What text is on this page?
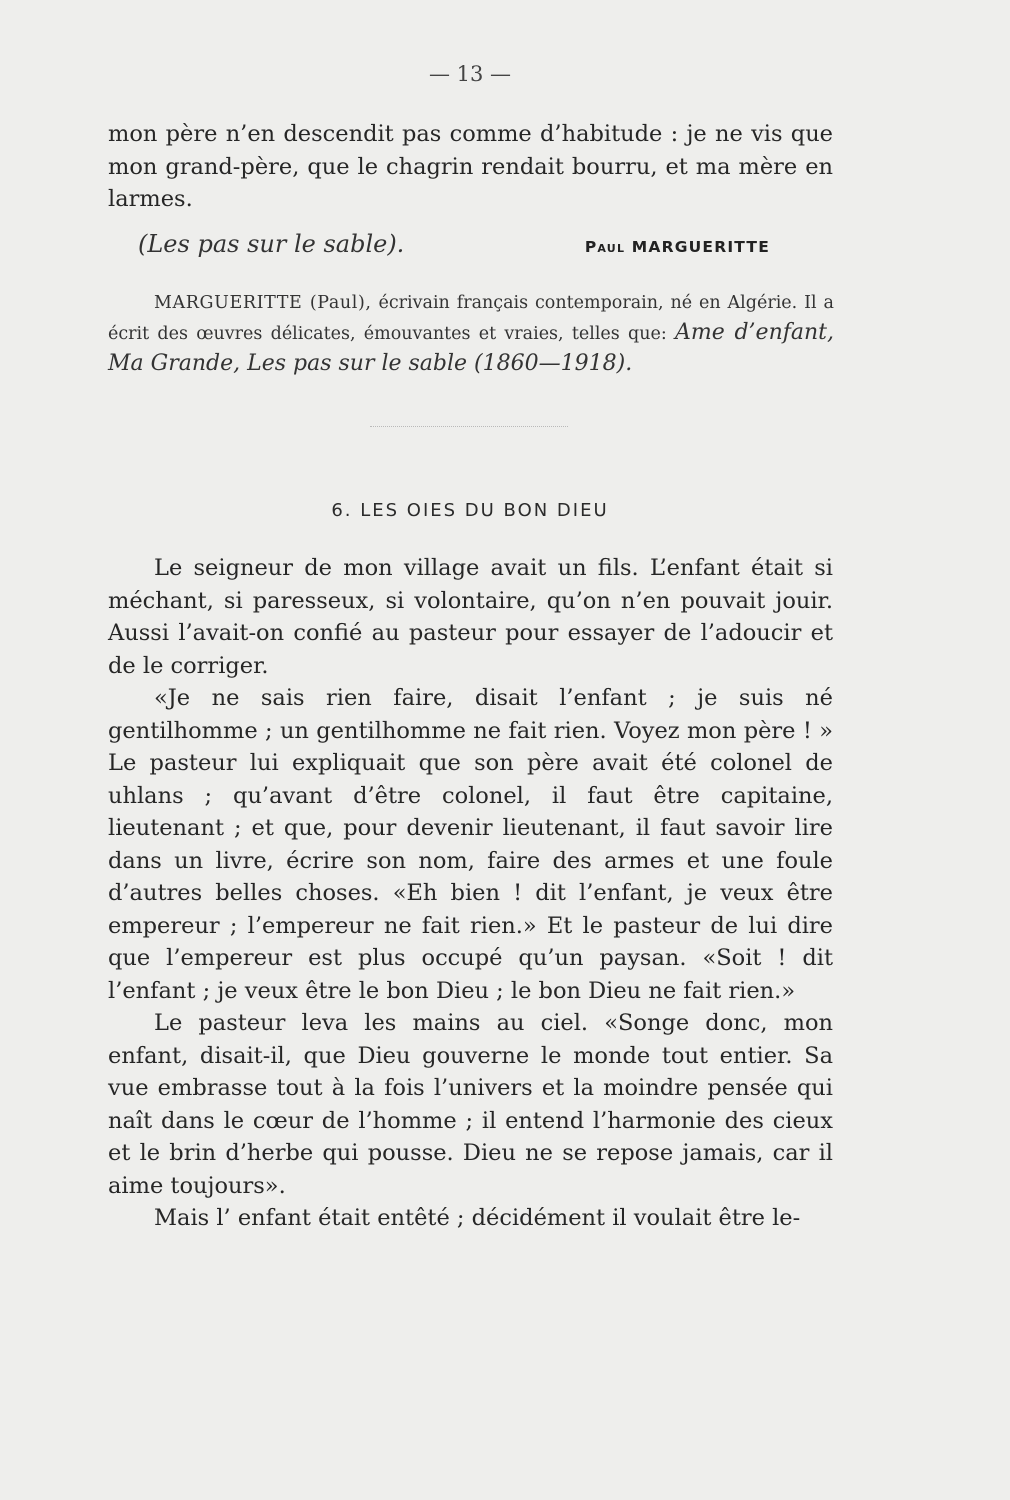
— 13 —

mon père n’en descendit pas comme d’habitude : je ne vis que mon grand-père, que le chagrin rendait bourru, et ma mère en larmes.

(Les pas sur le sable).	Paul MARGUERITTE

MARGUERITTE (Paul), écrivain français contemporain, né en Algérie. Il a écrit des œuvres délicates, émouvantes et vraies, telles que: Ame d’enfant, Ma Grande, Les pas sur le sable (1860—1918).

6. LES OIES DU BON DIEU

Le seigneur de mon village avait un fils. L’enfant était si méchant, si paresseux, si volontaire, qu’on n’en pouvait jouir. Aussi l’avait-on confié au pasteur pour essayer de l’adoucir et de le corriger.

«Je ne sais rien faire, disait l’enfant ; je suis né gentilhomme ; un gentilhomme ne fait rien. Voyez mon père ! » Le pasteur lui expliquait que son père avait été colonel de uhlans ; qu’avant d’être colonel, il faut être capitaine, lieutenant ; et que, pour devenir lieutenant, il faut savoir lire dans un livre, écrire son nom, faire des armes et une foule d’autres belles choses. «Eh bien ! dit l’enfant, je veux être empereur ; l’empereur ne fait rien.» Et le pasteur de lui dire que l’empereur est plus occupé qu’un paysan. «Soit ! dit l’enfant ; je veux être le bon Dieu ; le bon Dieu ne fait rien.»

Le pasteur leva les mains au ciel. «Songe donc, mon enfant, disait-il, que Dieu gouverne le monde tout entier. Sa vue embrasse tout à la fois l’univers et la moindre pensée qui naît dans le cœur de l’homme ; il entend l’harmonie des cieux et le brin d’herbe qui pousse. Dieu ne se repose jamais, car il aime toujours».

Mais l’ enfant était entêté ; décidément il voulait être le-
